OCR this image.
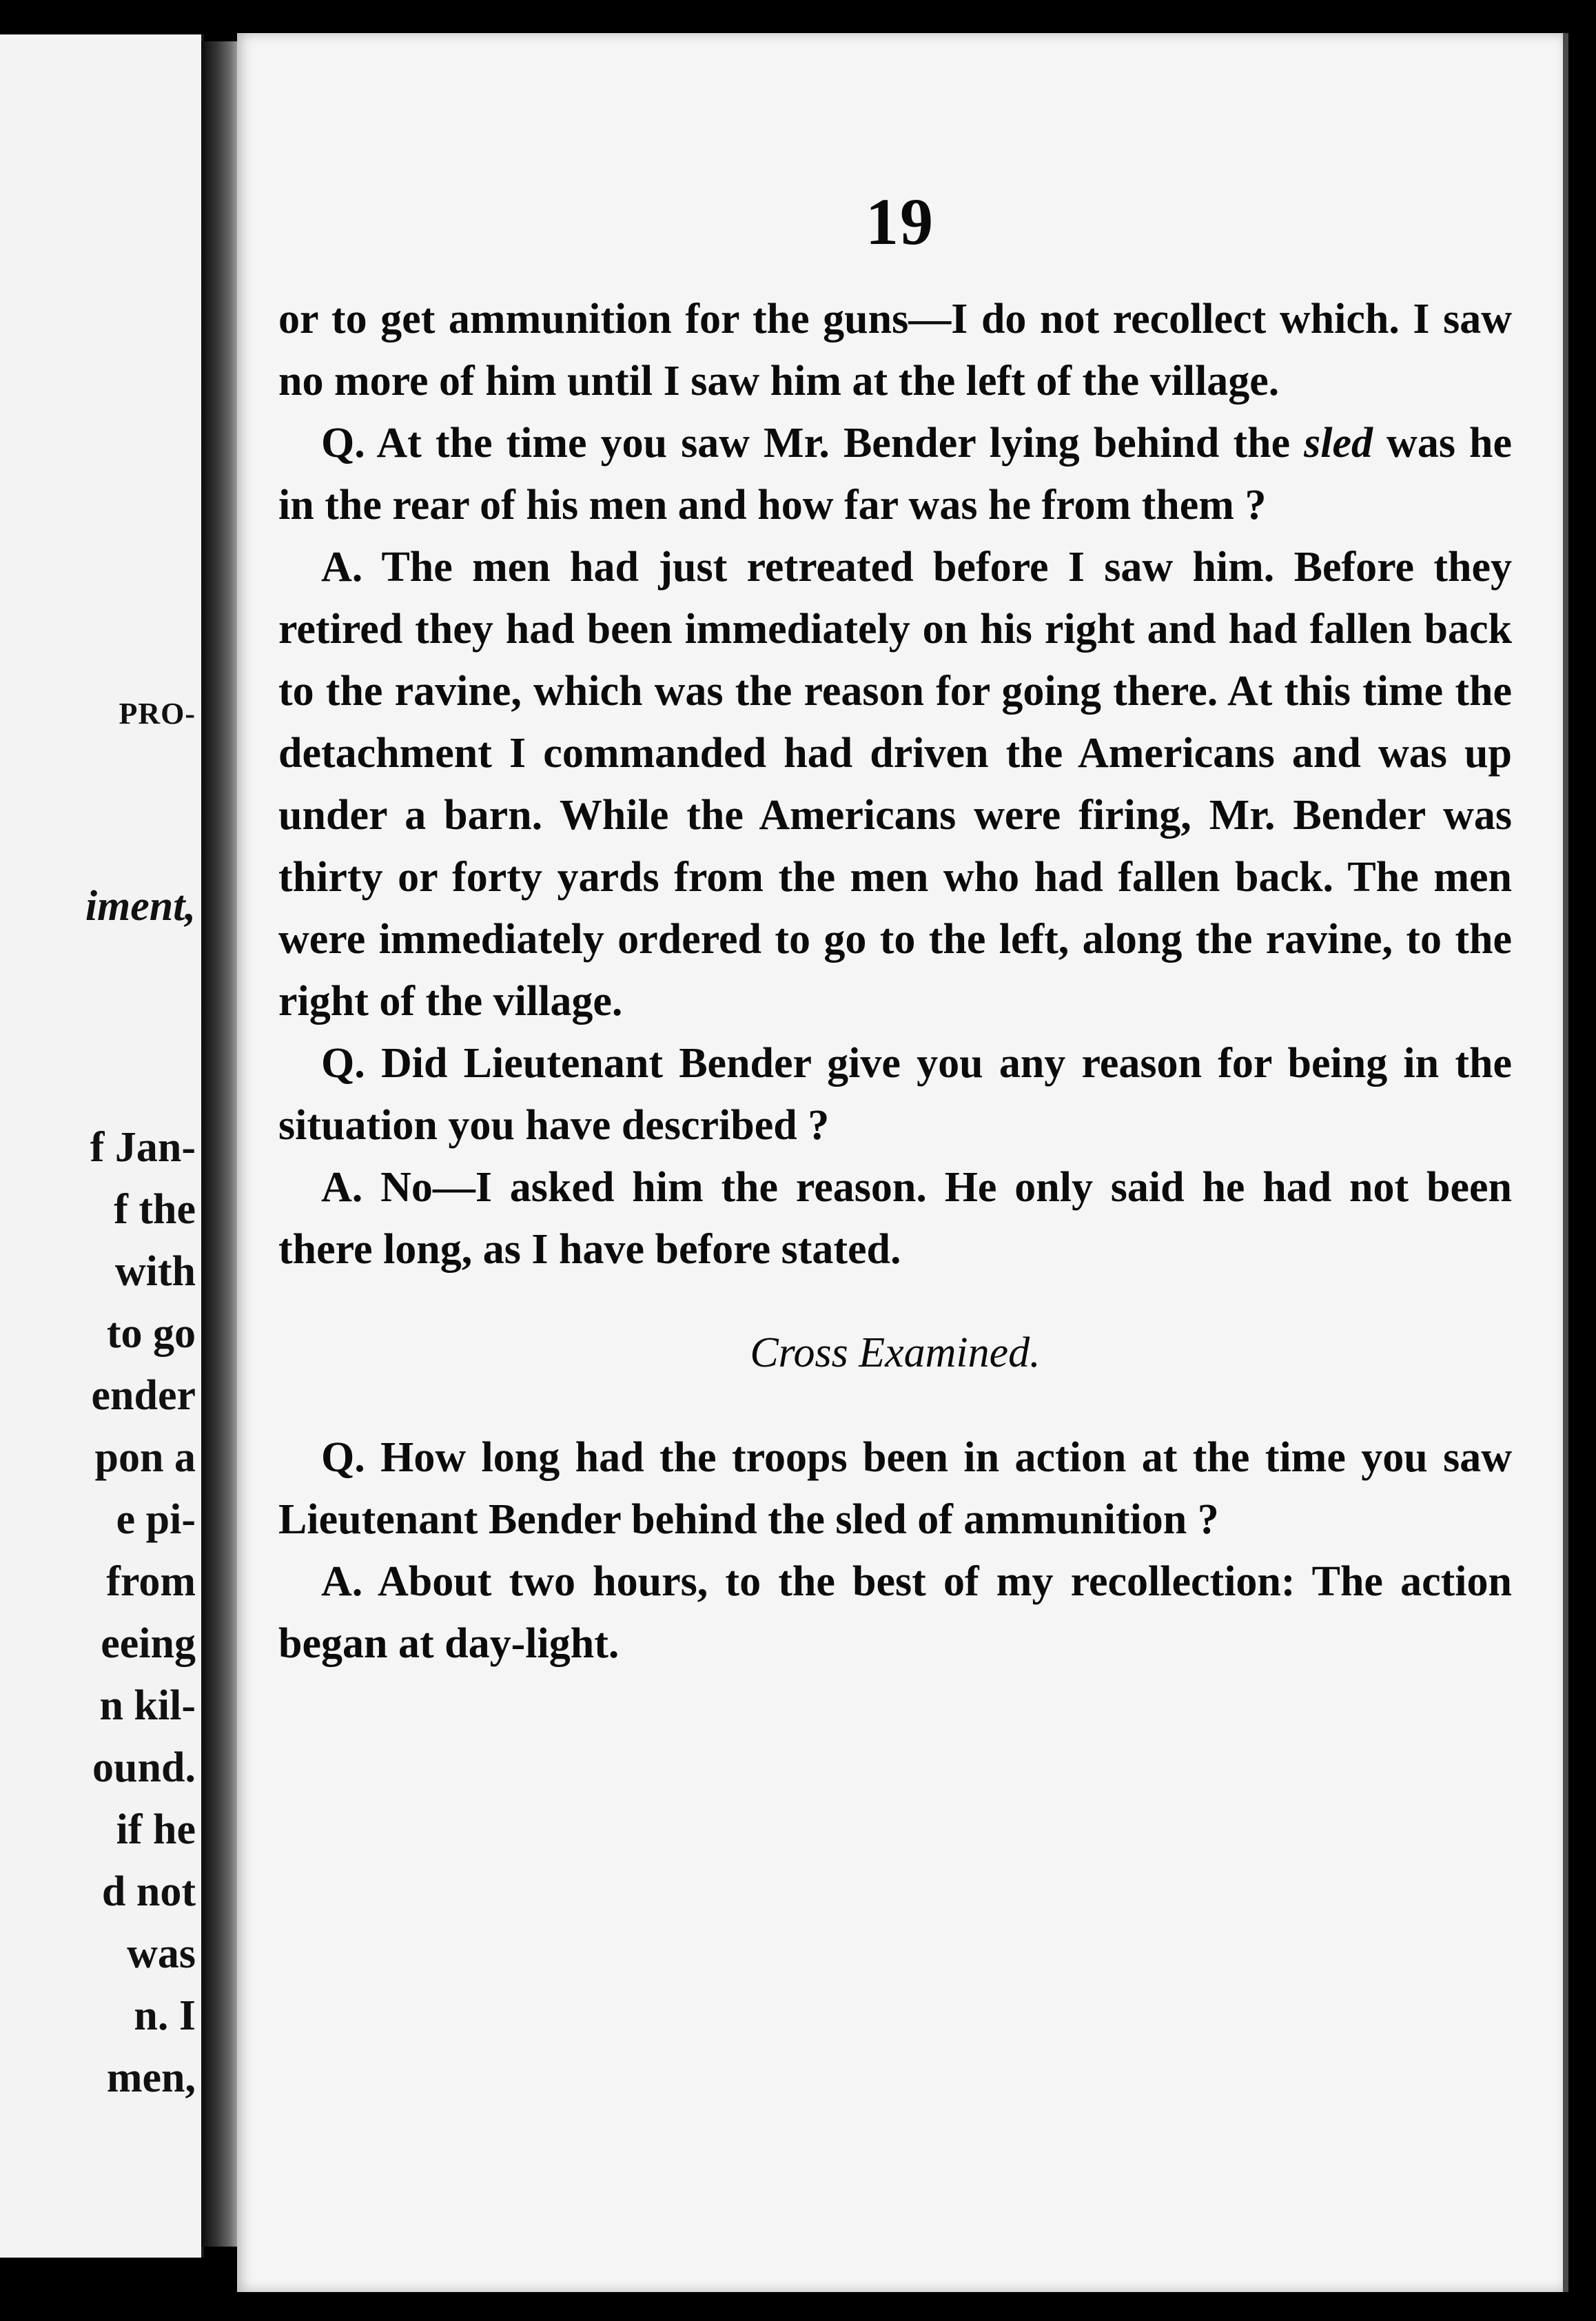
PRO-
iment,
f Jan-
f the
with
to go
ender
pon a
e pi-
from
eeing
n kil-
ound.
if he
d not
was
n. I
men,
19

or to get ammunition for the guns—I do not recollect which. I saw no more of him until I saw him at the left of the village.

Q. At the time you saw Mr. Bender lying behind the sled was he in the rear of his men and how far was he from them ?

A. The men had just retreated before I saw him. Before they retired they had been immediately on his right and had fallen back to the ravine, which was the reason for going there. At this time the detachment I commanded had driven the Americans and was up under a barn. While the Americans were firing, Mr. Bender was thirty or forty yards from the men who had fallen back. The men were immediately ordered to go to the left, along the ravine, to the right of the village.

Q. Did Lieutenant Bender give you any reason for being in the situation you have described ?

A. No—I asked him the reason. He only said he had not been there long, as I have before stated.

Cross Examined.

Q. How long had the troops been in action at the time you saw Lieutenant Bender behind the sled of ammunition ?

A. About two hours, to the best of my recollection: The action began at day-light.
